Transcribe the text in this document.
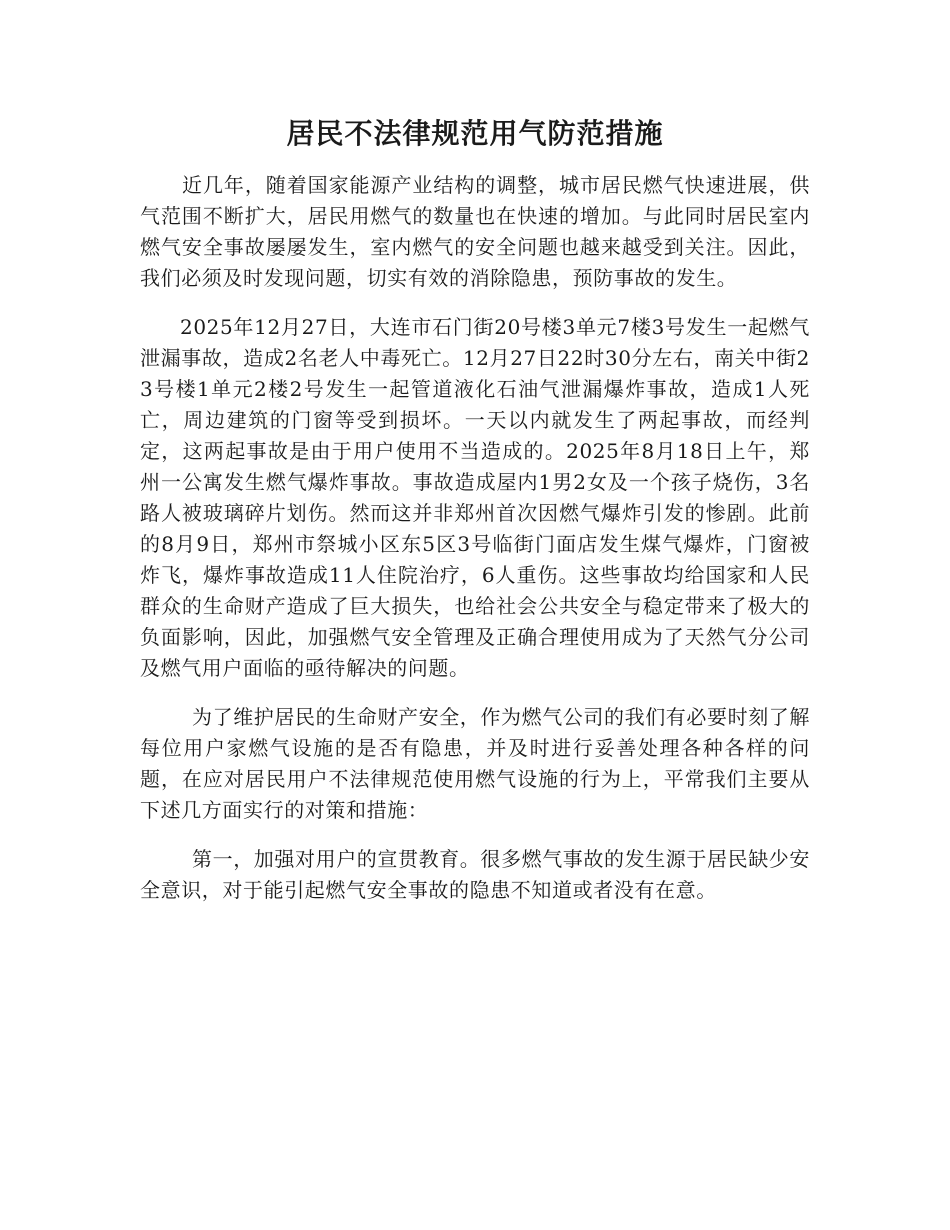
居民不法律规范用气防范措施

近几年，随着国家能源产业结构的调整，城市居民燃气快速进展，供气范围不断扩大，居民用燃气的数量也在快速的增加。与此同时居民室内燃气安全事故屡屡发生，室内燃气的安全问题也越来越受到关注。因此，我们必须及时发现问题，切实有效的消除隐患，预防事故的发生。

2025年12月27日，大连市石门街20号楼3单元7楼3号发生一起燃气泄漏事故，造成2名老人中毒死亡。12月27日22时30分左右，南关中街23号楼1单元2楼2号发生一起管道液化石油气泄漏爆炸事故，造成1人死亡，周边建筑的门窗等受到损坏。一天以内就发生了两起事故，而经判定，这两起事故是由于用户使用不当造成的。2025年8月18日上午，郑州一公寓发生燃气爆炸事故。事故造成屋内1男2女及一个孩子烧伤，3名路人被玻璃碎片划伤。然而这并非郑州首次因燃气爆炸引发的惨剧。此前的8月9日，郑州市祭城小区东5区3号临街门面店发生煤气爆炸，门窗被炸飞，爆炸事故造成11人住院治疗，6人重伤。这些事故均给国家和人民群众的生命财产造成了巨大损失，也给社会公共安全与稳定带来了极大的负面影响，因此，加强燃气安全管理及正确合理使用成为了天然气分公司及燃气用户面临的亟待解决的问题。

为了维护居民的生命财产安全，作为燃气公司的我们有必要时刻了解每位用户家燃气设施的是否有隐患，并及时进行妥善处理各种各样的问题，在应对居民用户不法律规范使用燃气设施的行为上，平常我们主要从下述几方面实行的对策和措施：

第一，加强对用户的宣贯教育。很多燃气事故的发生源于居民缺少安全意识，对于能引起燃气安全事故的隐患不知道或者没有在意。
